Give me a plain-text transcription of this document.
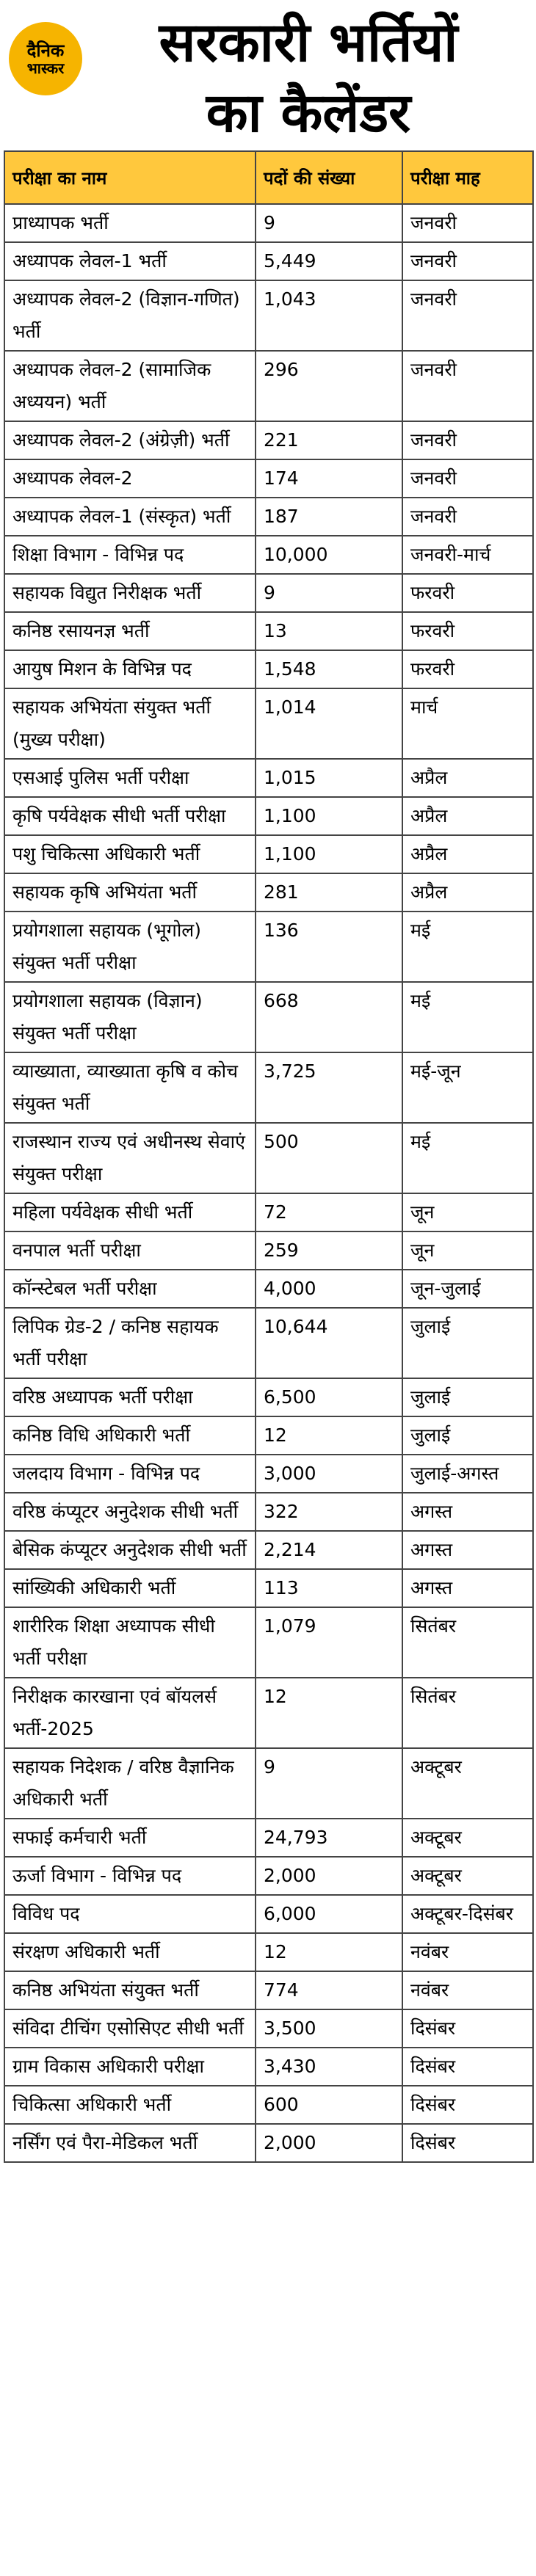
दैनिक
भास्कर	सरकारी भर्तियों
का कैलेंडर
परीक्षा का नाम	पदों की संख्या	परीक्षा माह
प्राध्यापक भर्ती	9	जनवरी
अध्यापक लेवल-1 भर्ती	5,449	जनवरी
अध्यापक लेवल-2 (विज्ञान-गणित) भर्ती	1,043	जनवरी
अध्यापक लेवल-2 (सामाजिक अध्ययन) भर्ती	296	जनवरी
अध्यापक लेवल-2 (अंग्रेज़ी) भर्ती	221	जनवरी
अध्यापक लेवल-2	174	जनवरी
अध्यापक लेवल-1 (संस्कृत) भर्ती	187	जनवरी
शिक्षा विभाग - विभिन्न पद	10,000	जनवरी-मार्च
सहायक विद्युत निरीक्षक भर्ती	9	फरवरी
कनिष्ठ रसायनज्ञ भर्ती	13	फरवरी
आयुष मिशन के विभिन्न पद	1,548	फरवरी
सहायक अभियंता संयुक्त भर्ती (मुख्य परीक्षा)	1,014	मार्च
एसआई पुलिस भर्ती परीक्षा	1,015	अप्रैल
कृषि पर्यवेक्षक सीधी भर्ती परीक्षा	1,100	अप्रैल
पशु चिकित्सा अधिकारी भर्ती	1,100	अप्रैल
सहायक कृषि अभियंता भर्ती	281	अप्रैल
प्रयोगशाला सहायक (भूगोल) संयुक्त भर्ती परीक्षा	136	मई
प्रयोगशाला सहायक (विज्ञान) संयुक्त भर्ती परीक्षा	668	मई
व्याख्याता, व्याख्याता कृषि व कोच संयुक्त भर्ती	3,725	मई-जून
राजस्थान राज्य एवं अधीनस्थ सेवाएं संयुक्त परीक्षा	500	मई
महिला पर्यवेक्षक सीधी भर्ती	72	जून
वनपाल भर्ती परीक्षा	259	जून
कॉन्स्टेबल भर्ती परीक्षा	4,000	जून-जुलाई
लिपिक ग्रेड-2 / कनिष्ठ सहायक भर्ती परीक्षा	10,644	जुलाई
वरिष्ठ अध्यापक भर्ती परीक्षा	6,500	जुलाई
कनिष्ठ विधि अधिकारी भर्ती	12	जुलाई
जलदाय विभाग - विभिन्न पद	3,000	जुलाई-अगस्त
वरिष्ठ कंप्यूटर अनुदेशक सीधी भर्ती	322	अगस्त
बेसिक कंप्यूटर अनुदेशक सीधी भर्ती	2,214	अगस्त
सांख्यिकी अधिकारी भर्ती	113	अगस्त
शारीरिक शिक्षा अध्यापक सीधी भर्ती परीक्षा	1,079	सितंबर
निरीक्षक कारखाना एवं बॉयलर्स भर्ती-2025	12	सितंबर
सहायक निदेशक / वरिष्ठ वैज्ञानिक अधिकारी भर्ती	9	अक्टूबर
सफाई कर्मचारी भर्ती	24,793	अक्टूबर
ऊर्जा विभाग - विभिन्न पद	2,000	अक्टूबर
विविध पद	6,000	अक्टूबर-दिसंबर
संरक्षण अधिकारी भर्ती	12	नवंबर
कनिष्ठ अभियंता संयुक्त भर्ती	774	नवंबर
संविदा टीचिंग एसोसिएट सीधी भर्ती	3,500	दिसंबर
ग्राम विकास अधिकारी परीक्षा	3,430	दिसंबर
चिकित्सा अधिकारी भर्ती	600	दिसंबर
नर्सिंग एवं पैरा-मेडिकल भर्ती	2,000	दिसंबर
